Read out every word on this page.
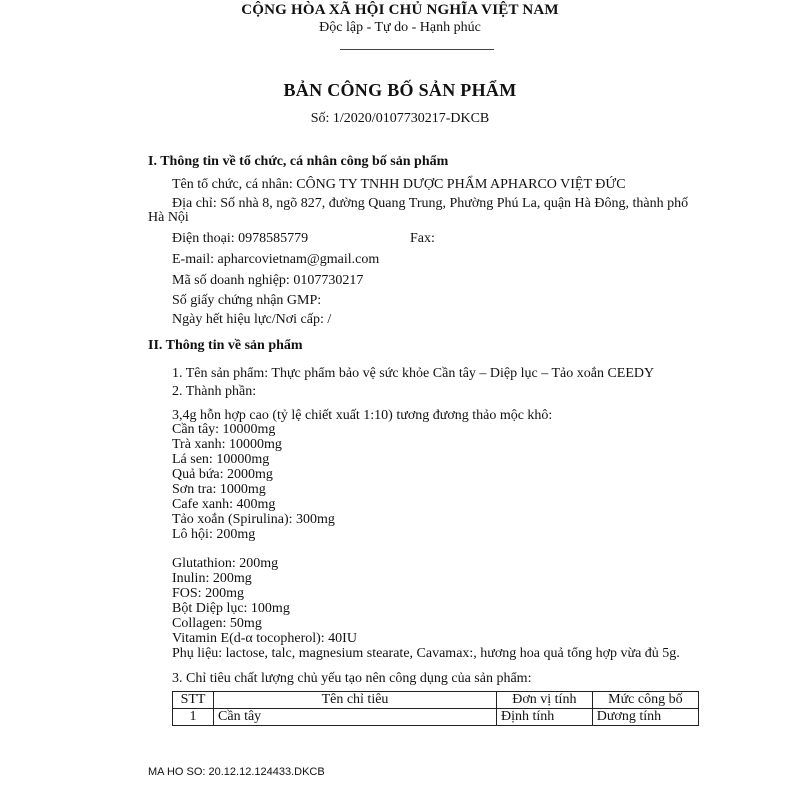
CỘNG HÒA XÃ HỘI CHỦ NGHĨA VIỆT NAM
Độc lập - Tự do - Hạnh phúc
BẢN CÔNG BỐ SẢN PHẨM
Số: 1/2020/0107730217-DKCB
I. Thông tin về tổ chức, cá nhân công bố sản phẩm
Tên tổ chức, cá nhân: CÔNG TY TNHH DƯỢC PHẨM APHARCO VIỆT ĐỨC
Địa chỉ: Số nhà 8, ngõ 827, đường Quang Trung, Phường Phú La, quận Hà Đông, thành phố
Hà Nội
Điện thoại: 0978585779	Fax:
E-mail: apharcovietnam@gmail.com
Mã số doanh nghiệp: 0107730217
Số giấy chứng nhận GMP:
Ngày hết hiệu lực/Nơi cấp: /
II. Thông tin về sản phẩm
1. Tên sản phẩm: Thực phẩm bảo vệ sức khỏe Cần tây – Diệp lục – Tảo xoắn CEEDY
2. Thành phần:
3,4g hỗn hợp cao (tỷ lệ chiết xuất 1:10) tương đương thảo mộc khô:
Cần tây: 10000mg
Trà xanh: 10000mg
Lá sen: 10000mg
Quả bứa: 2000mg
Sơn tra: 1000mg
Cafe xanh: 400mg
Tảo xoắn (Spirulina): 300mg
Lô hội: 200mg
Glutathion: 200mg
Inulin: 200mg
FOS: 200mg
Bột Diệp lục: 100mg
Collagen: 50mg
Vitamin E(d-α tocopherol): 40IU
Phụ liệu: lactose, talc, magnesium stearate, Cavamax:, hương hoa quả tổng hợp vừa đủ 5g.
3. Chỉ tiêu chất lượng chủ yếu tạo nên công dụng của sản phẩm:
STT	Tên chỉ tiêu	Đơn vị tính	Mức công bố
1	Cần tây	Định tính	Dương tính
MA HO SO: 20.12.12.124433.DKCB
